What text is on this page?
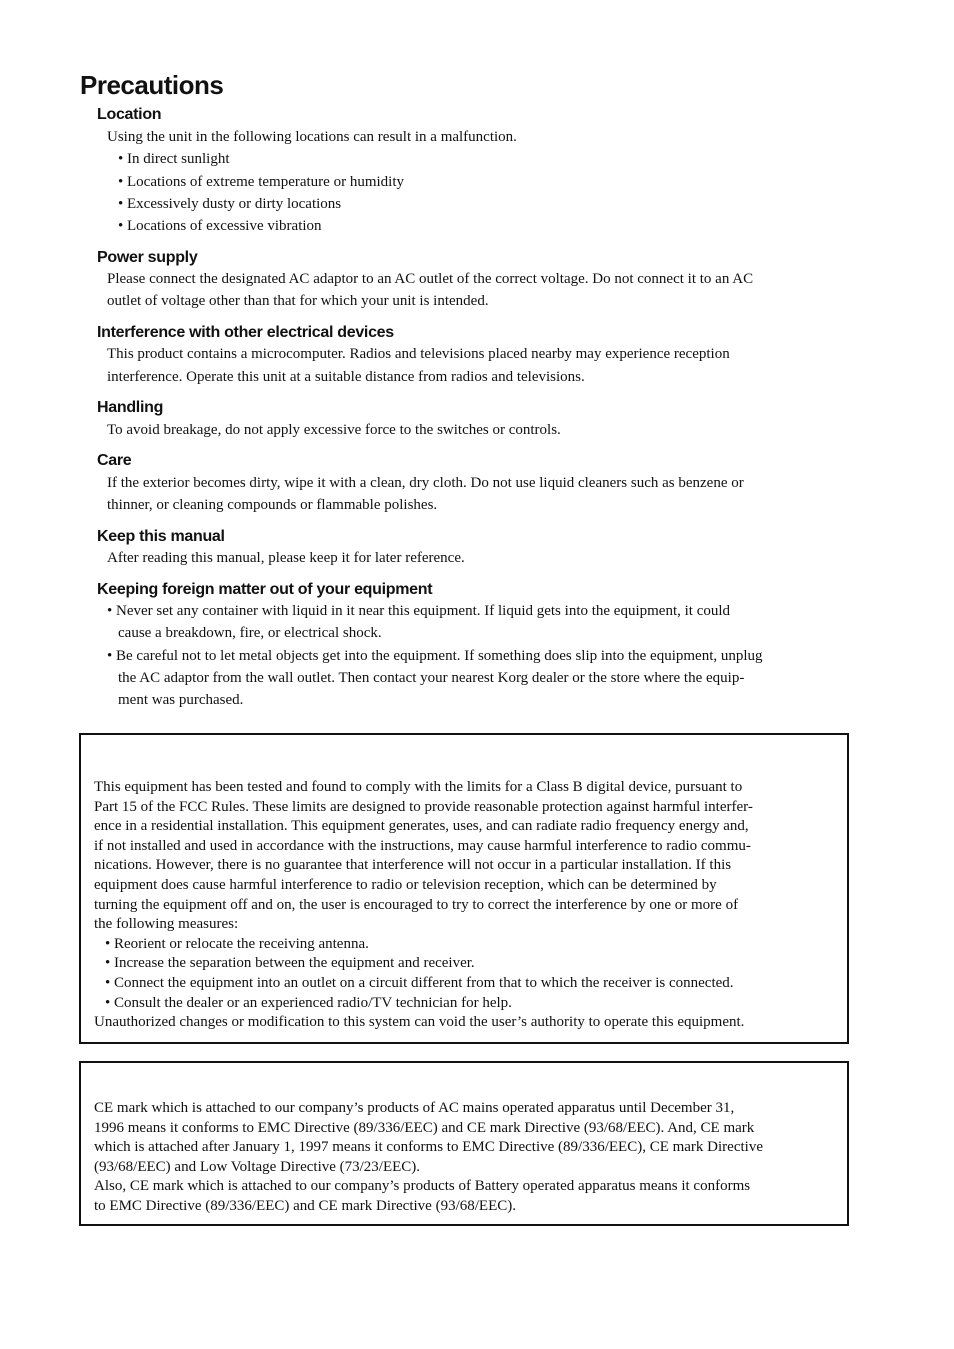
Precautions
Location

Using the unit in the following locations can result in a malfunction.

• In direct sunlight

• Locations of extreme temperature or humidity

• Excessively dusty or dirty locations

• Locations of excessive vibration

Power supply

Please connect the designated AC adaptor to an AC outlet of the correct voltage. Do not connect it to an AC

outlet of voltage other than that for which your unit is intended.

Interference with other electrical devices

This product contains a microcomputer. Radios and televisions placed nearby may experience reception

interference. Operate this unit at a suitable distance from radios and televisions.

Handling

To avoid breakage, do not apply excessive force to the switches or controls.

Care

If the exterior becomes dirty, wipe it with a clean, dry cloth. Do not use liquid cleaners such as benzene or

thinner, or cleaning compounds or flammable polishes.

Keep this manual

After reading this manual, please keep it for later reference.

Keeping foreign matter out of your equipment

• Never set any container with liquid in it near this equipment. If liquid gets into the equipment, it could

cause a breakdown, fire, or electrical shock.

• Be careful not to let metal objects get into the equipment. If something does slip into the equipment, unplug

the AC adaptor from the wall outlet. Then contact your nearest Korg dealer or the store where the equip-

ment was purchased.

This equipment has been tested and found to comply with the limits for a Class B digital device, pursuant to
Part 15 of the FCC Rules. These limits are designed to provide reasonable protection against harmful interfer-
ence in a residential installation. This equipment generates, uses, and can radiate radio frequency energy and,
if not installed and used in accordance with the instructions, may cause harmful interference to radio commu-
nications. However, there is no guarantee that interference will not occur in a particular installation. If this
equipment does cause harmful interference to radio or television reception, which can be determined by
turning the equipment off and on, the user is encouraged to try to correct the interference by one or more of
the following measures:
• Reorient or relocate the receiving antenna.
• Increase the separation between the equipment and receiver.
• Connect the equipment into an outlet on a circuit different from that to which the receiver is connected.
• Consult the dealer or an experienced radio/TV technician for help.
Unauthorized changes or modification to this system can void the user’s authority to operate this equipment.
CE mark which is attached to our company’s products of AC mains operated apparatus until December 31,
1996 means it conforms to EMC Directive (89/336/EEC) and CE mark Directive (93/68/EEC). And, CE mark
which is attached after January 1, 1997 means it conforms to EMC Directive (89/336/EEC), CE mark Directive
(93/68/EEC) and Low Voltage Directive (73/23/EEC).
Also, CE mark which is attached to our company’s products of Battery operated apparatus means it conforms
to EMC Directive (89/336/EEC) and CE mark Directive (93/68/EEC).
